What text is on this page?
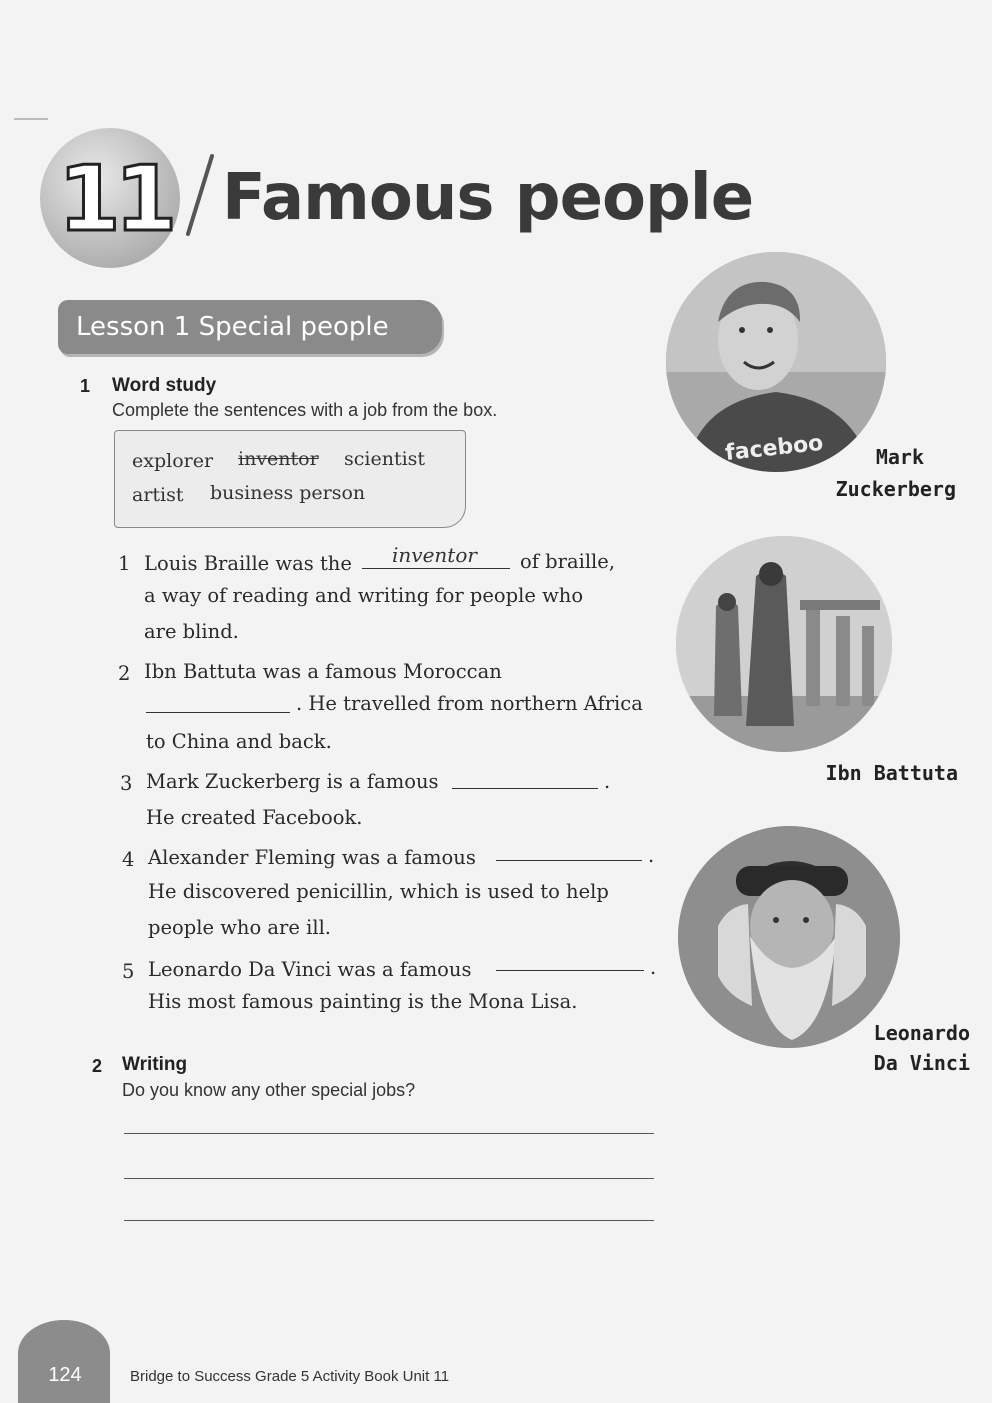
11 Famous people
Lesson 1 Special people
1 Word study
Complete the sentences with a job from the box.
explorer inventor scientist
artist business person
1 Louis Braille was the inventor of braille,
a way of reading and writing for people who
are blind.
2 Ibn Battuta was a famous Moroccan
. He travelled from northern Africa
to China and back.
3 Mark Zuckerberg is a famous	.
He created Facebook.
4 Alexander Fleming was a famous	.
He discovered penicillin, which is used to help
people who are ill.
5 Leonardo Da Vinci was a famous	.
His most famous painting is the Mona Lisa.
2 Writing
Do you know any other special jobs?
faceboo	Mark
Zuckerberg
Ibn Battuta
Leonardo
Da Vinci
124	Bridge to Success Grade 5 Activity Book Unit 11
